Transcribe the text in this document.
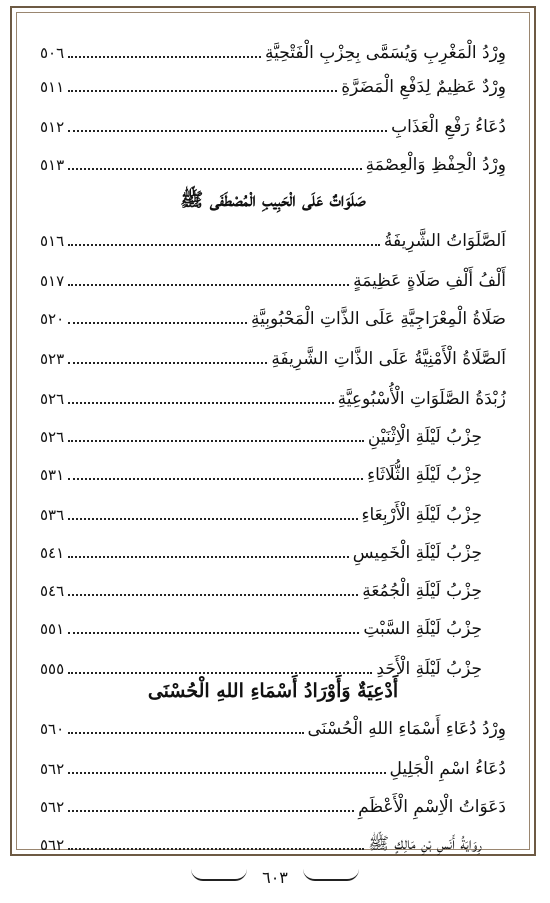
وِرْدُ الْمَغْرِبِ وَيُسَمَّى بِحِزْبِ الْفَتْحِيَّةِ
٥٠٦
وِرْدٌ عَظِيمٌ لِدَفْعِ الْمَضَرَّةِ
٥١١
دُعَاءُ رَفْعِ الْعَذَابِ
٥١٢
وِرْدُ الْحِفْظِ وَالْعِصْمَةِ
٥١٣
صَلَوَاتٌ عَلَى الْحَبِيبِ الْمُصْطَفَى ﷺ
اَلصَّلَوَاتُ الشَّرِيفَةُ
٥١٦
أَلْفُ أَلْفِ صَلَاةٍ عَظِيمَةٍ
٥١٧
صَلَاةُ الْمِعْرَاجِيَّةِ عَلَى الذَّاتِ الْمَحْبُوبِيَّةِ
٥٢٠
اَلصَّلَاةُ الْأَمْنِيَّةُ عَلَى الذَّاتِ الشَّرِيفَةِ
٥٢٣
زُبْدَةُ الصَّلَوَاتِ الْأُسْبُوعِيَّةِ
٥٢٦
حِزْبُ لَيْلَةِ الْاِثْنَيْنِ
٥٢٦
حِزْبُ لَيْلَةِ الثُّلَاثَاءِ
٥٣١
حِزْبُ لَيْلَةِ الْأَرْبِعَاءِ
٥٣٦
حِزْبُ لَيْلَةِ الْخَمِيسِ
٥٤١
حِزْبُ لَيْلَةِ الْجُمُعَةِ
٥٤٦
حِزْبُ لَيْلَةِ السَّبْتِ
٥٥١
حِزْبُ لَيْلَةِ الْأَحَدِ
٥٥٥
أَدْعِيَةٌ وَأَوْرَادُ أَسْمَاءِ اللهِ الْحُسْنَى
وِرْدُ دُعَاءِ أَسْمَاءِ اللهِ الْحُسْنَى
٥٦٠
دُعَاءُ اسْمِ الْجَلِيلِ
٥٦٢
دَعَوَاتُ الْاِسْمِ الْأَعْظَمِ
٥٦٢
رِوَايَةُ أَنَسِ بْنِ مَالِكٍ ﷺ
٥٦٢
٦٠٣
